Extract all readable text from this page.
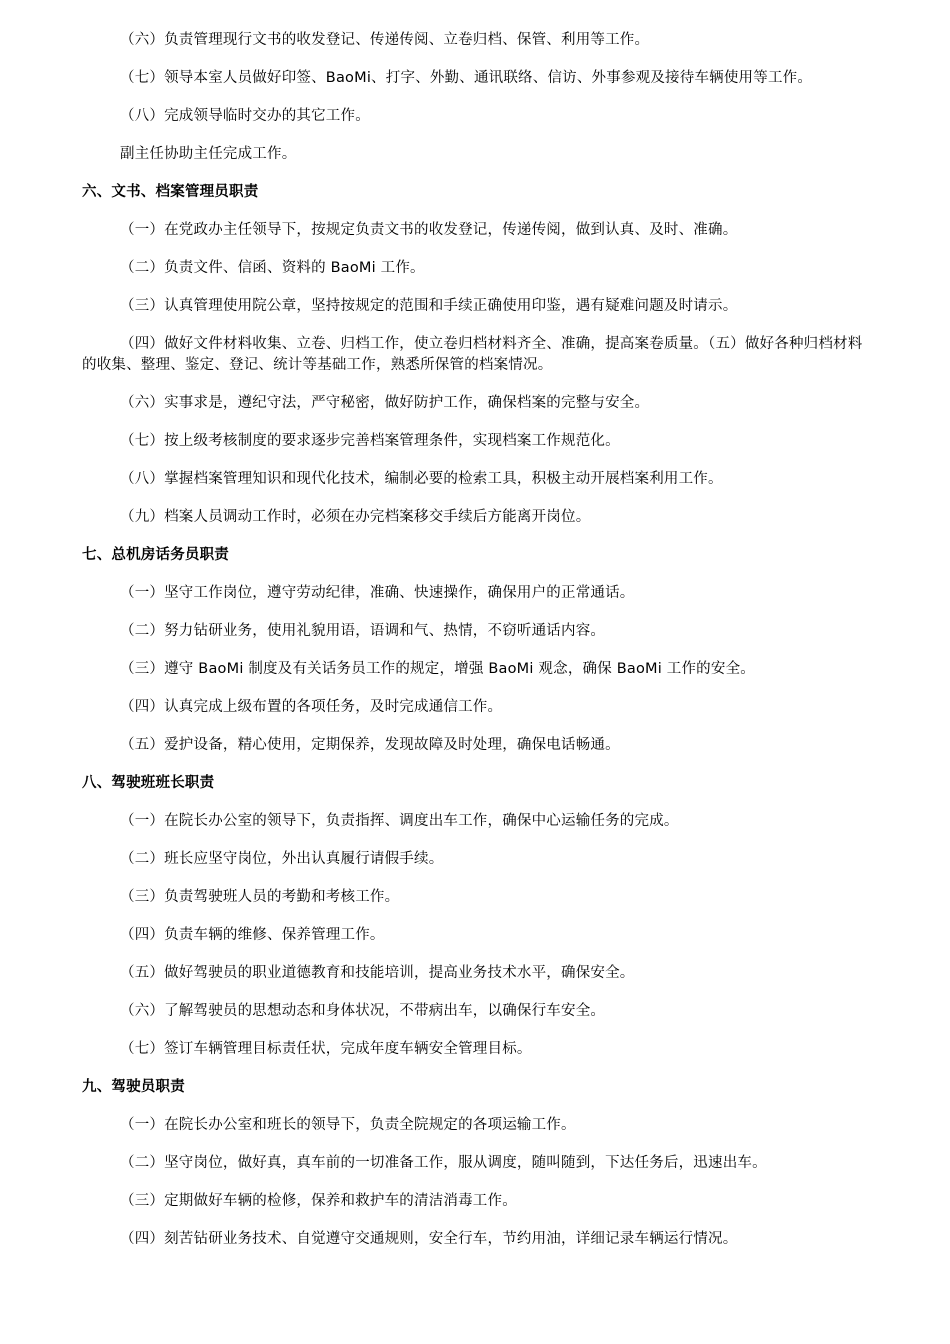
（六）负责管理现行文书的收发登记、传递传阅、立卷归档、保管、利用等工作。

（七）领导本室人员做好印签、BaoMi、打字、外勤、通讯联络、信访、外事参观及接待车辆使用等工作。

（八）完成领导临时交办的其它工作。

副主任协助主任完成工作。

六、文书、档案管理员职责

（一）在党政办主任领导下，按规定负责文书的收发登记，传递传阅，做到认真、及时、准确。

（二）负责文件、信函、资料的 BaoMi 工作。

（三）认真管理使用院公章，坚持按规定的范围和手续正确使用印鉴，遇有疑难问题及时请示。

（四）做好文件材料收集、立卷、归档工作，使立卷归档材料齐全、准确，提高案卷质量。（五）做好各种归档材料的收集、整理、鉴定、登记、统计等基础工作，熟悉所保管的档案情况。

（六）实事求是，遵纪守法，严守秘密，做好防护工作，确保档案的完整与安全。

（七）按上级考核制度的要求逐步完善档案管理条件，实现档案工作规范化。

（八）掌握档案管理知识和现代化技术，编制必要的检索工具，积极主动开展档案利用工作。

（九）档案人员调动工作时，必须在办完档案移交手续后方能离开岗位。

七、总机房话务员职责

（一）坚守工作岗位，遵守劳动纪律，准确、快速操作，确保用户的正常通话。

（二）努力钻研业务，使用礼貌用语，语调和气、热情，不窃听通话内容。

（三）遵守 BaoMi 制度及有关话务员工作的规定，增强 BaoMi 观念，确保 BaoMi 工作的安全。

（四）认真完成上级布置的各项任务，及时完成通信工作。

（五）爱护设备，精心使用，定期保养，发现故障及时处理，确保电话畅通。

八、驾驶班班长职责

（一）在院长办公室的领导下，负责指挥、调度出车工作，确保中心运输任务的完成。

（二）班长应坚守岗位，外出认真履行请假手续。

（三）负责驾驶班人员的考勤和考核工作。

（四）负责车辆的维修、保养管理工作。

（五）做好驾驶员的职业道德教育和技能培训，提高业务技术水平，确保安全。

（六）了解驾驶员的思想动态和身体状况，不带病出车，以确保行车安全。

（七）签订车辆管理目标责任状，完成年度车辆安全管理目标。

九、驾驶员职责

（一）在院长办公室和班长的领导下，负责全院规定的各项运输工作。

（二）坚守岗位，做好真，真车前的一切准备工作，服从调度，随叫随到，下达任务后，迅速出车。

（三）定期做好车辆的检修，保养和救护车的清洁消毒工作。

（四）刻苦钻研业务技术、自觉遵守交通规则，安全行车，节约用油，详细记录车辆运行情况。
